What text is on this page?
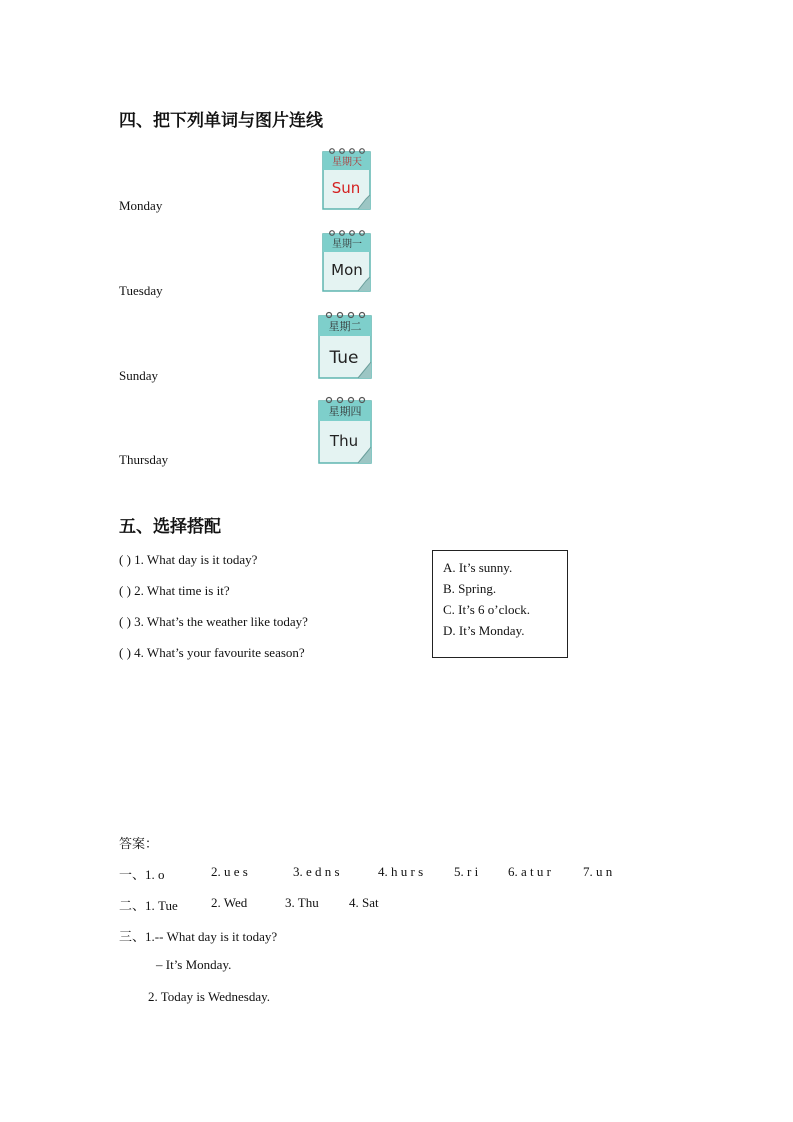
四、把下列单词与图片连线
Monday
Tuesday
Sunday
Thursday
星期天
Sun
星期一
Mon
星期二
Tue
星期四
Thu
五、选择搭配
( ) 1. What day is it today?
( ) 2. What time is it?
( ) 3. What’s the weather like today?
( ) 4. What’s your favourite season?
A. It’s sunny.
B. Spring.
C. It’s 6 o’clock.
D. It’s Monday.
答案：
一、1. o	2. u e s	3. e d n s	4. h u r s 5. r i 6. a t u r 7. u n
二、1. Tue	2. Wed	3. Thu 4. Sat
三、1.-- What day is it today?
– It’s Monday.
2. Today is Wednesday.
